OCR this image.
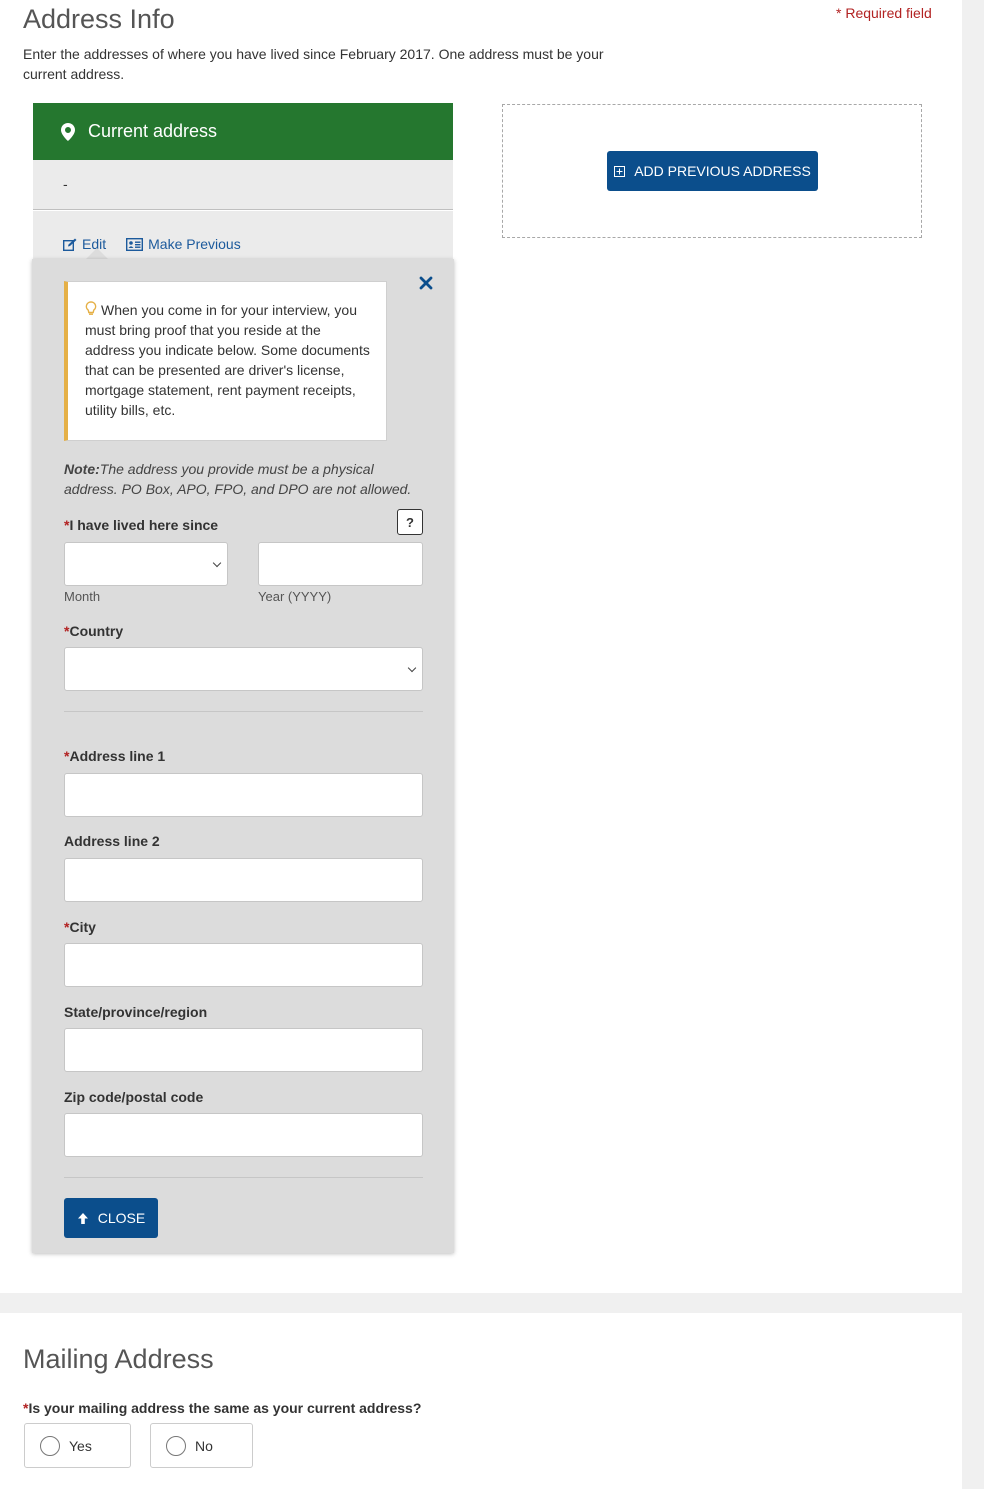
Address Info	* Required field
Enter the addresses of where you have lived since February 2017. One address must be your current address.
Current address
-
Edit	Make Previous
ADD PREVIOUS ADDRESS
When you come in for your interview, you must bring proof that you reside at the address you indicate below. Some documents that can be presented are driver's license, mortgage statement, rent payment receipts, utility bills, etc.
Note:The address you provide must be a physical address. PO Box, APO, FPO, and DPO are not allowed.
*I have lived here since	?
Month	Year (YYYY)
*Country
*Address line 1
Address line 2
*City
State/province/region
Zip code/postal code
CLOSE
Mailing Address
*Is your mailing address the same as your current address?
Yes	No
